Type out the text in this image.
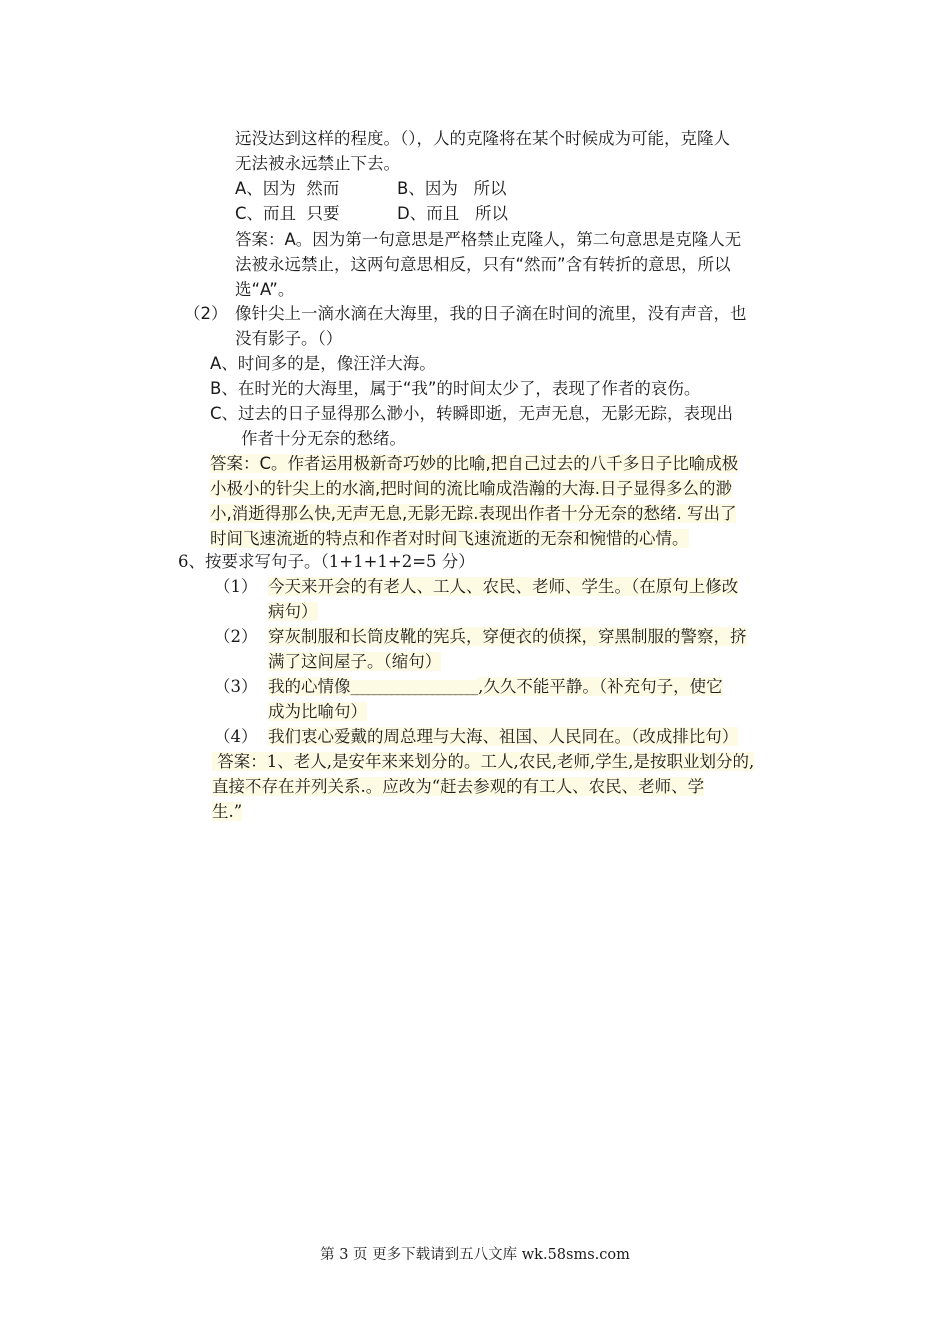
远没达到这样的程度。（），人的克隆将在某个时候成为可能，克隆人
无法被永远禁止下去。
A、因为  然而	B、因为   所以
C、而且  只要	D、而且   所以
答案：A。因为第一句意思是严格禁止克隆人，第二句意思是克隆人无
法被永远禁止，这两句意思相反，只有“然而”含有转折的意思，所以
选“A”。
（2） 像针尖上一滴水滴在大海里，我的日子滴在时间的流里，没有声音，也
没有影子。（）
A、时间多的是，像汪洋大海。
B、在时光的大海里，属于“我”的时间太少了，表现了作者的哀伤。
C、过去的日子显得那么渺小，转瞬即逝，无声无息，无影无踪，表现出
作者十分无奈的愁绪。
答案：C。作者运用极新奇巧妙的比喻,把自己过去的八千多日子比喻成极
小极小的针尖上的水滴,把时间的流比喻成浩瀚的大海.日子显得多么的渺
小,消逝得那么快,无声无息,无影无踪.表现出作者十分无奈的愁绪. 写出了
时间飞速流逝的特点和作者对时间飞速流逝的无奈和惋惜的心情。
6、按要求写句子。（1+1+1+2=5 分）
（1） 今天来开会的有老人、工人、农民、老师、学生。（在原句上修改
病句）
（2） 穿灰制服和长筒皮靴的宪兵，穿便衣的侦探，穿黑制服的警察，挤
满了这间屋子。（缩句）
（3） 我的心情像______________________,久久不能平静。（补充句子，使它
成为比喻句）
（4） 我们衷心爱戴的周总理与大海、祖国、人民同在。（改成排比句）
答案：1、老人,是安年来来划分的。工人,农民,老师,学生,是按职业划分的,
直接不存在并列关系.。应改为“赶去参观的有工人、农民、老师、学
生.”
第 3 页 更多下载请到五八文库 wk.58sms.com
